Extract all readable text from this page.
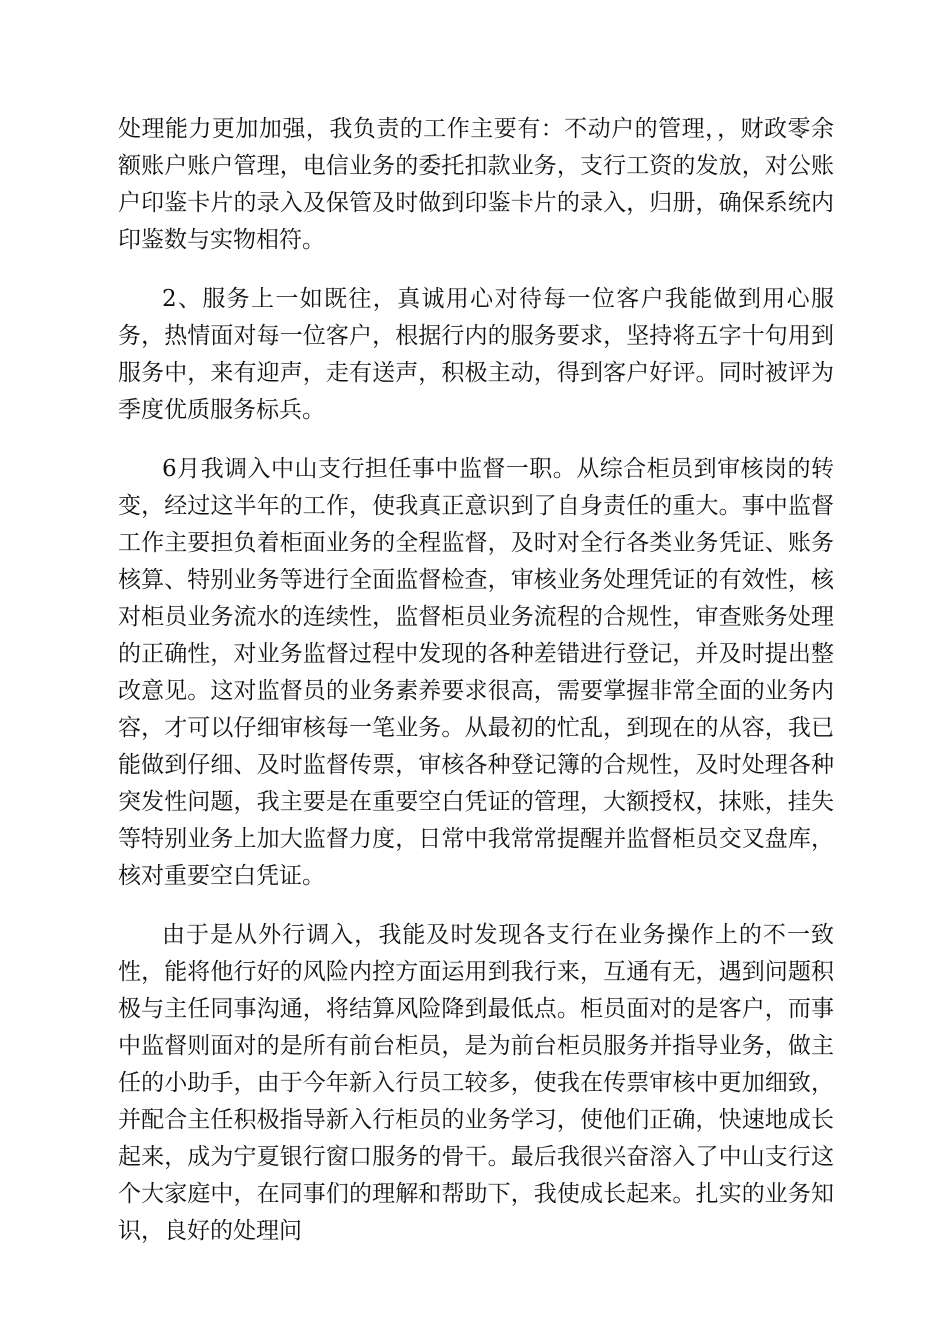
处理能力更加加强，我负责的工作主要有：不动户的管理，，财政零余额账户账户管理，电信业务的委托扣款业务，支行工资的发放，对公账户印鉴卡片的录入及保管及时做到印鉴卡片的录入，归册，确保系统内印鉴数与实物相符。

2、服务上一如既往，真诚用心对待每一位客户我能做到用心服务，热情面对每一位客户，根据行内的服务要求，坚持将五字十句用到服务中，来有迎声，走有送声，积极主动，得到客户好评。同时被评为季度优质服务标兵。

6月我调入中山支行担任事中监督一职。从综合柜员到审核岗的转变，经过这半年的工作，使我真正意识到了自身责任的重大。事中监督工作主要担负着柜面业务的全程监督，及时对全行各类业务凭证、账务核算、特别业务等进行全面监督检查，审核业务处理凭证的有效性，核对柜员业务流水的连续性，监督柜员业务流程的合规性，审查账务处理的正确性，对业务监督过程中发现的各种差错进行登记，并及时提出整改意见。这对监督员的业务素养要求很高，需要掌握非常全面的业务内容，才可以仔细审核每一笔业务。从最初的忙乱，到现在的从容，我已能做到仔细、及时监督传票，审核各种登记簿的合规性，及时处理各种突发性问题，我主要是在重要空白凭证的管理，大额授权，抹账，挂失等特别业务上加大监督力度，日常中我常常提醒并监督柜员交叉盘库，核对重要空白凭证。

由于是从外行调入，我能及时发现各支行在业务操作上的不一致性，能将他行好的风险内控方面运用到我行来，互通有无，遇到问题积极与主任同事沟通，将结算风险降到最低点。柜员面对的是客户，而事中监督则面对的是所有前台柜员，是为前台柜员服务并指导业务，做主任的小助手，由于今年新入行员工较多，使我在传票审核中更加细致，并配合主任积极指导新入行柜员的业务学习，使他们正确，快速地成长起来，成为宁夏银行窗口服务的骨干。最后我很兴奋溶入了中山支行这个大家庭中，在同事们的理解和帮助下，我使成长起来。扎实的业务知识，良好的处理问
